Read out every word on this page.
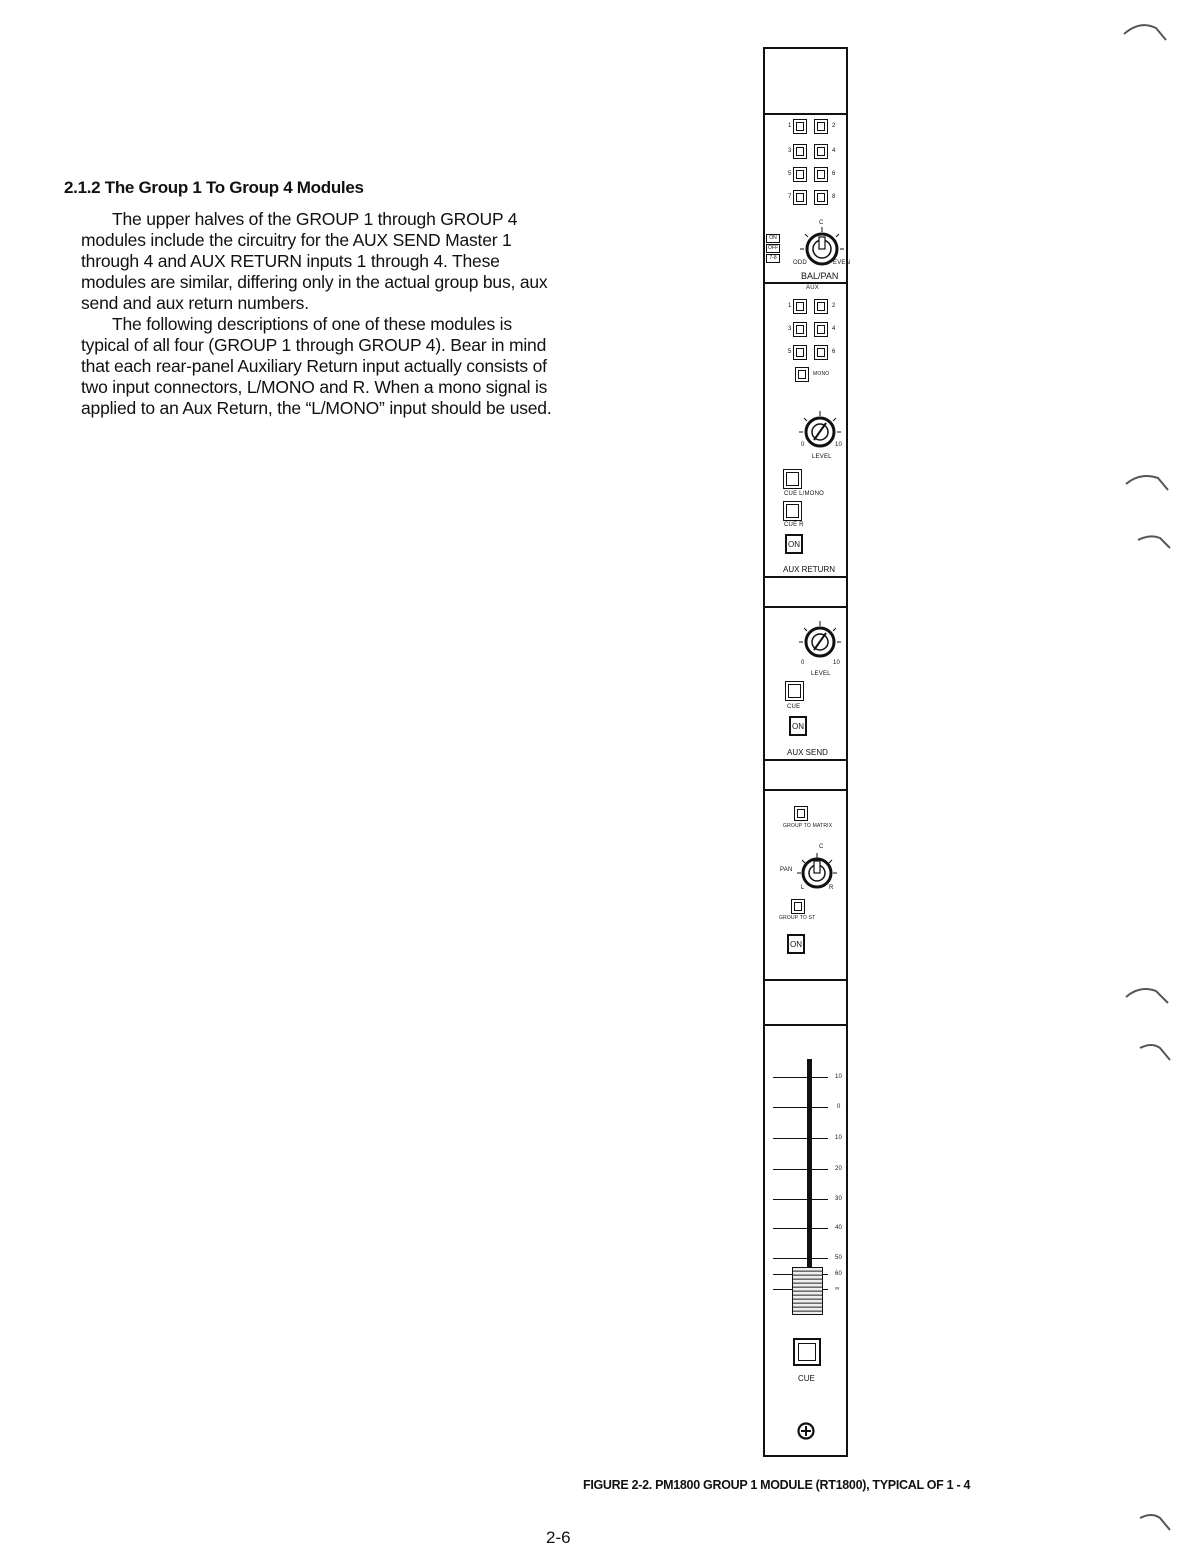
2.1.2 The Group 1 To Group 4 Modules

The upper halves of the GROUP 1 through GROUP 4 modules include the circuitry for the AUX SEND Master 1 through 4 and AUX RETURN inputs 1 through 4. These modules are similar, differing only in the actual group bus, aux send and aux return numbers.

The following descriptions of one of these modules is typical of all four (GROUP 1 through GROUP 4). Bear in mind that each rear-panel Auxiliary Return input actually consists of two input connectors, L/MONO and R. When a mono signal is applied to an Aux Return, the “L/MONO” input should be used.

1	2
3	4
5	6
7	8
C
ON
OFF
7-8
ODD	EVEN
BAL/PAN
AUX
1	2
3	4
5	6
MONO
0	10
LEVEL
CUE L/MONO
CUE R
ON
AUX RETURN
0	10
LEVEL
CUE
ON
AUX SEND
GROUP TO MATRIX
C
PAN
L	R
GROUP TO ST
ON
10
0
10
20
30
40
50
60
∞
CUE
FIGURE 2-2. PM1800 GROUP 1 MODULE (RT1800), TYPICAL OF 1 - 4
2-6
